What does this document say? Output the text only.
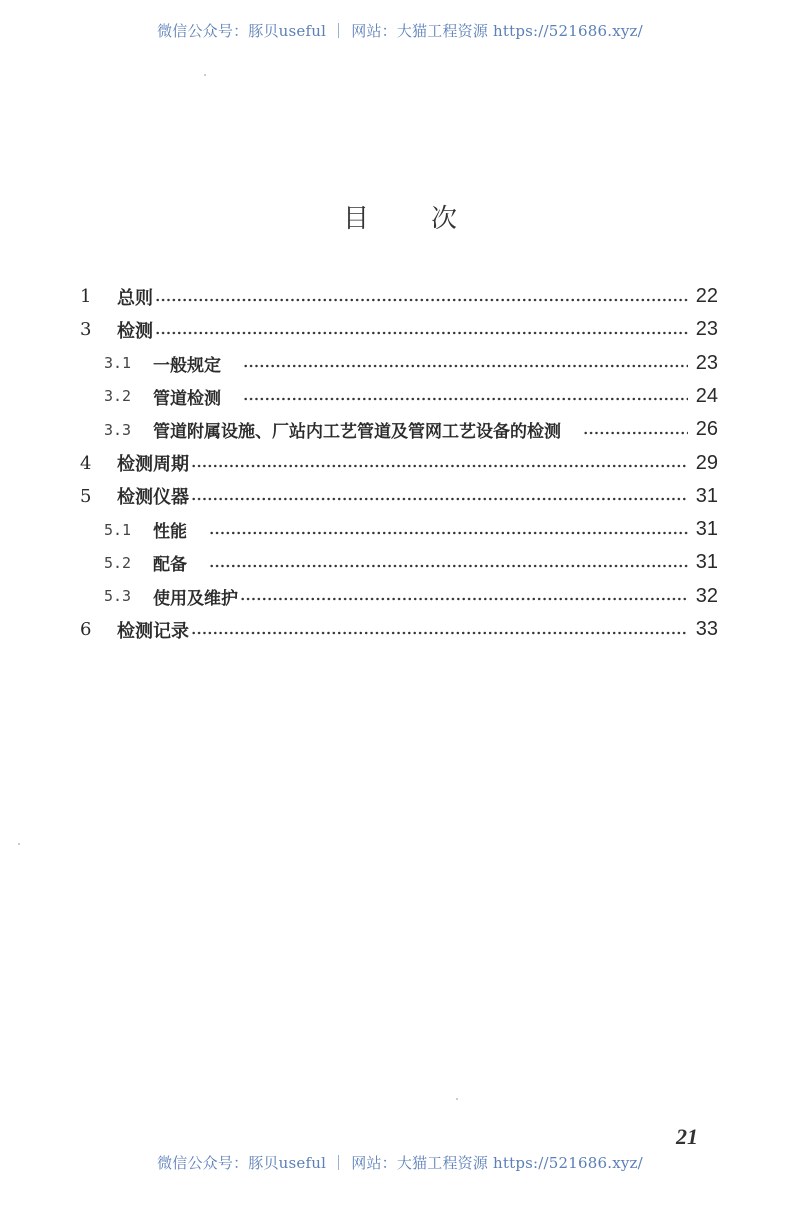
微信公众号：豚贝useful ｜ 网站：大猫工程资源 https://521686.xyz/
目次
1	总则	22
3	检测	23
3.1	一般规定	23
3.2	管道检测	24
3.3	管道附属设施、厂站内工艺管道及管网工艺设备的检测	26
4	检测周期	29
5	检测仪器	31
5.1	性能	31
5.2	配备	31
5.3	使用及维护	32
6	检测记录	33
21
微信公众号：豚贝useful ｜ 网站：大猫工程资源 https://521686.xyz/
